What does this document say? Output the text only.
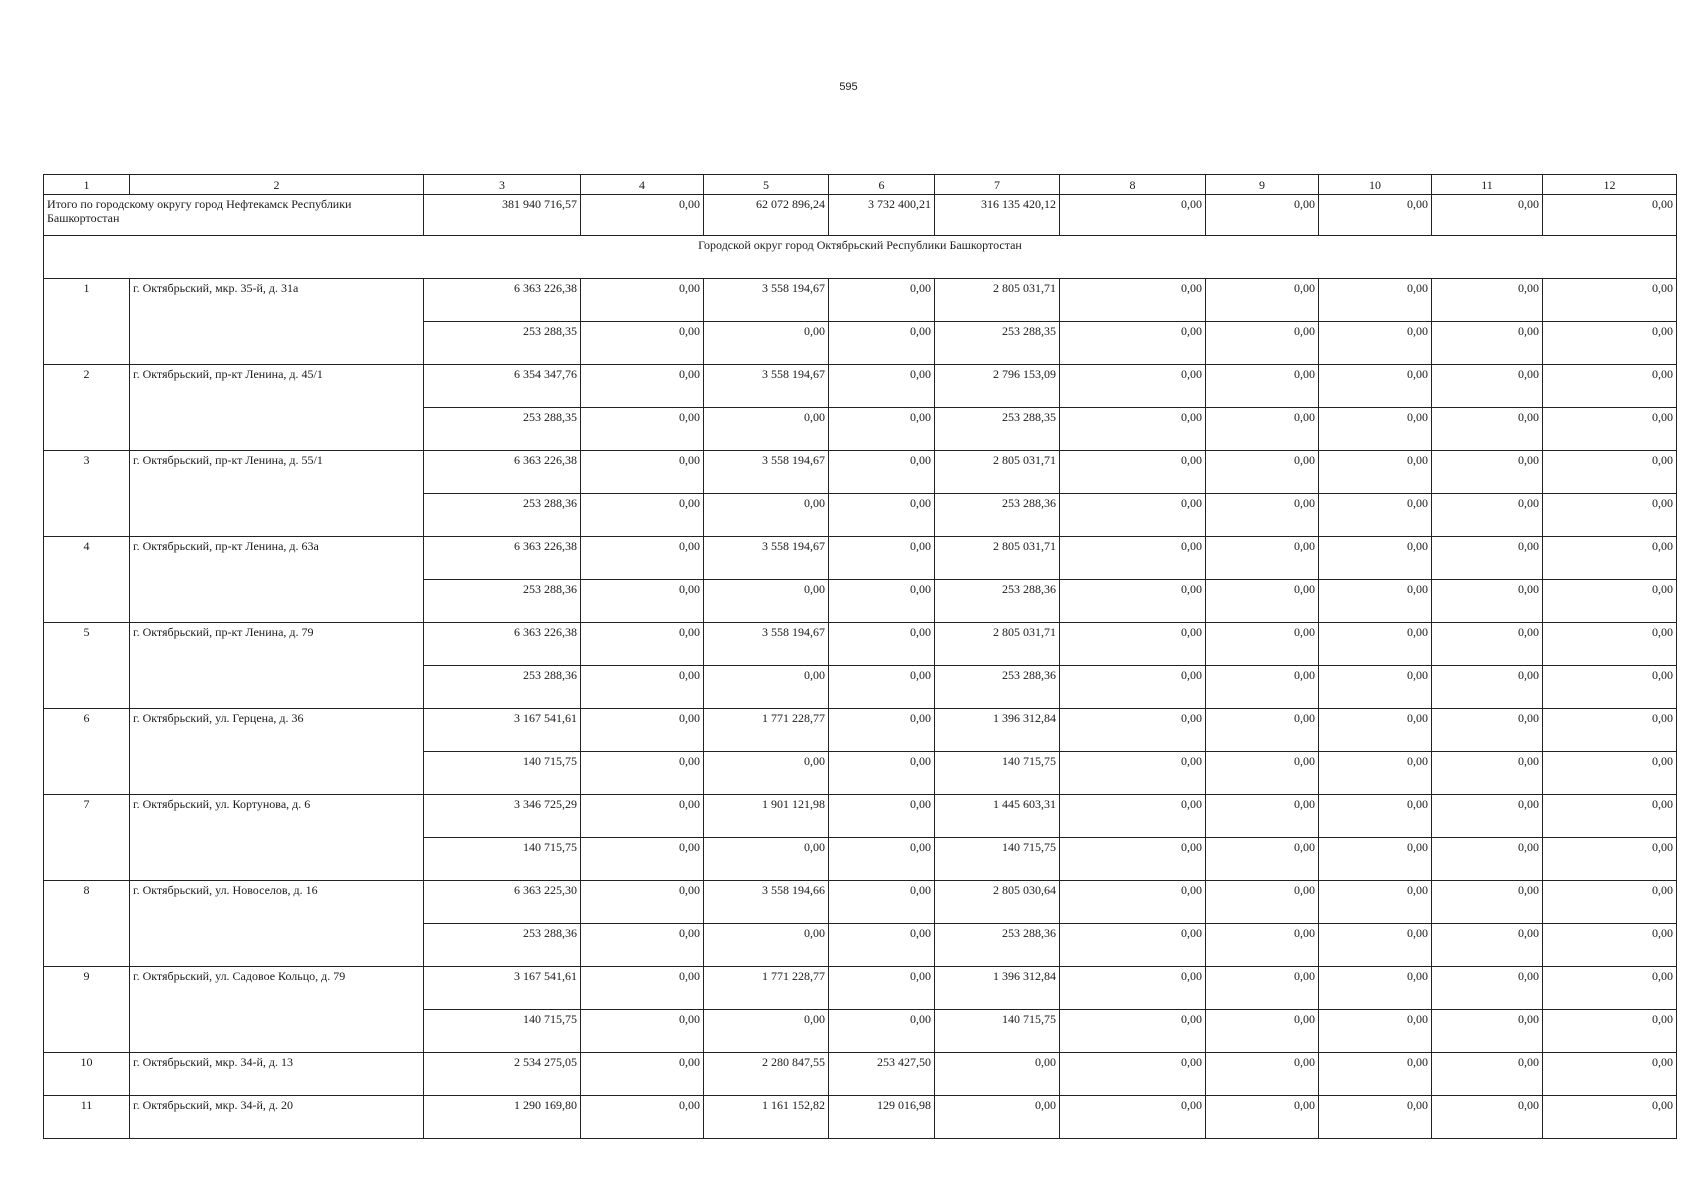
595
1	2	3	4	5	6	7	8	9	10	11	12
Итого по городскому округу город Нефтекамск Республики Башкортостан		381 940 716,57	0,00	62 072 896,24	3 732 400,21	316 135 420,12	0,00	0,00	0,00	0,00	0,00
Городской округ город Октябрьский Республики Башкортостан											
1	г. Октябрьский, мкр. 35-й, д. 31а	6 363 226,38	0,00	3 558 194,67	0,00	2 805 031,71	0,00	0,00	0,00	0,00	0,00
		253 288,35	0,00	0,00	0,00	253 288,35	0,00	0,00	0,00	0,00	0,00
2	г. Октябрьский, пр-кт Ленина, д. 45/1	6 354 347,76	0,00	3 558 194,67	0,00	2 796 153,09	0,00	0,00	0,00	0,00	0,00
		253 288,35	0,00	0,00	0,00	253 288,35	0,00	0,00	0,00	0,00	0,00
3	г. Октябрьский, пр-кт Ленина, д. 55/1	6 363 226,38	0,00	3 558 194,67	0,00	2 805 031,71	0,00	0,00	0,00	0,00	0,00
		253 288,36	0,00	0,00	0,00	253 288,36	0,00	0,00	0,00	0,00	0,00
4	г. Октябрьский, пр-кт Ленина, д. 63а	6 363 226,38	0,00	3 558 194,67	0,00	2 805 031,71	0,00	0,00	0,00	0,00	0,00
		253 288,36	0,00	0,00	0,00	253 288,36	0,00	0,00	0,00	0,00	0,00
5	г. Октябрьский, пр-кт Ленина, д. 79	6 363 226,38	0,00	3 558 194,67	0,00	2 805 031,71	0,00	0,00	0,00	0,00	0,00
		253 288,36	0,00	0,00	0,00	253 288,36	0,00	0,00	0,00	0,00	0,00
6	г. Октябрьский, ул. Герцена, д. 36	3 167 541,61	0,00	1 771 228,77	0,00	1 396 312,84	0,00	0,00	0,00	0,00	0,00
		140 715,75	0,00	0,00	0,00	140 715,75	0,00	0,00	0,00	0,00	0,00
7	г. Октябрьский, ул. Кортунова, д. 6	3 346 725,29	0,00	1 901 121,98	0,00	1 445 603,31	0,00	0,00	0,00	0,00	0,00
		140 715,75	0,00	0,00	0,00	140 715,75	0,00	0,00	0,00	0,00	0,00
8	г. Октябрьский, ул. Новоселов, д. 16	6 363 225,30	0,00	3 558 194,66	0,00	2 805 030,64	0,00	0,00	0,00	0,00	0,00
		253 288,36	0,00	0,00	0,00	253 288,36	0,00	0,00	0,00	0,00	0,00
9	г. Октябрьский, ул. Садовое Кольцо, д. 79	3 167 541,61	0,00	1 771 228,77	0,00	1 396 312,84	0,00	0,00	0,00	0,00	0,00
		140 715,75	0,00	0,00	0,00	140 715,75	0,00	0,00	0,00	0,00	0,00
10	г. Октябрьский, мкр. 34-й, д. 13	2 534 275,05	0,00	2 280 847,55	253 427,50	0,00	0,00	0,00	0,00	0,00	0,00
11	г. Октябрьский, мкр. 34-й, д. 20	1 290 169,80	0,00	1 161 152,82	129 016,98	0,00	0,00	0,00	0,00	0,00	0,00
